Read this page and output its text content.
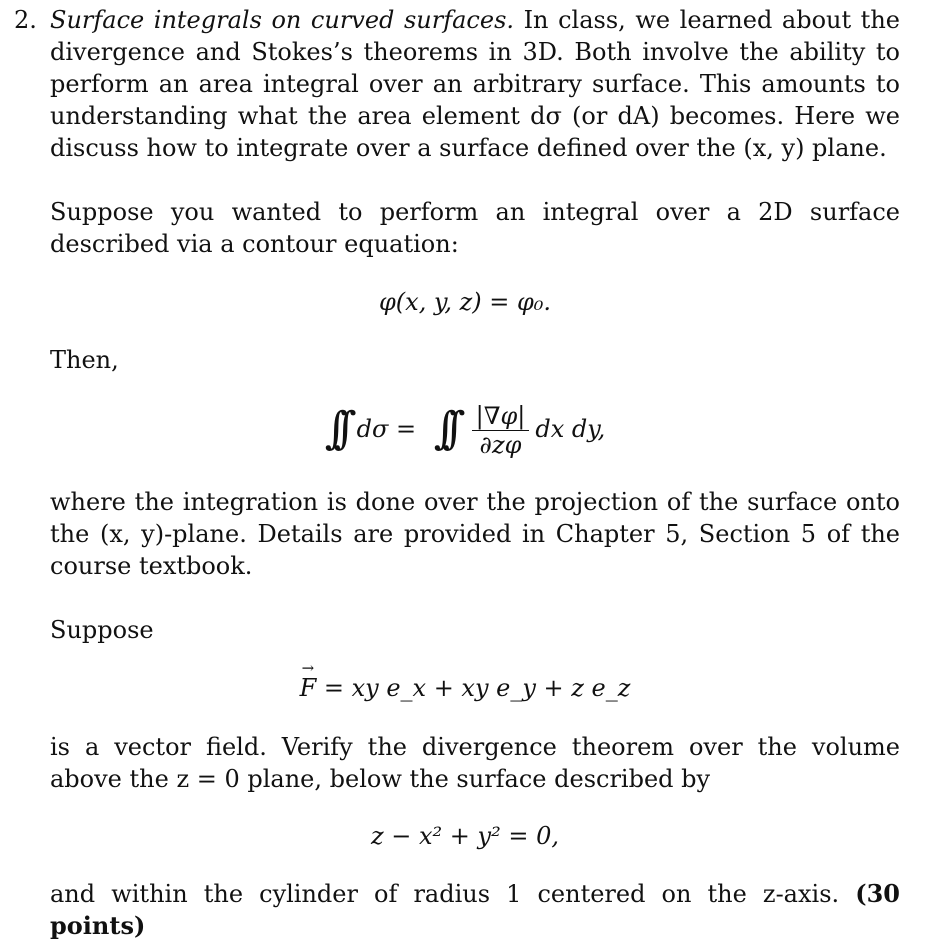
2. Surface integrals on curved surfaces. In class, we learned about the divergence and Stokes’s theorems in 3D. Both involve the ability to perform an area integral over an arbitrary surface. This amounts to understanding what the area element dσ (or dA) becomes. Here we discuss how to integrate over a surface defined over the (x, y) plane.
Suppose you wanted to perform an integral over a 2D surface described via a contour equation:
φ(x, y, z) = φ₀.
Then,
∫∫ dσ = ∫∫ $\frac{|\nabla\varphi|}{\partial z\varphi}$ dx dy,
where the integration is done over the projection of the surface onto the (x, y)-plane. Details are provided in Chapter 5, Section 5 of the course textbook.
Suppose
→ F = xy e_x + xy e_y + z e_z
is a vector field. Verify the divergence theorem over the volume above the z = 0 plane, below the surface described by
z − x² + y² = 0,
and within the cylinder of radius 1 centered on the z-axis. (30 points)
